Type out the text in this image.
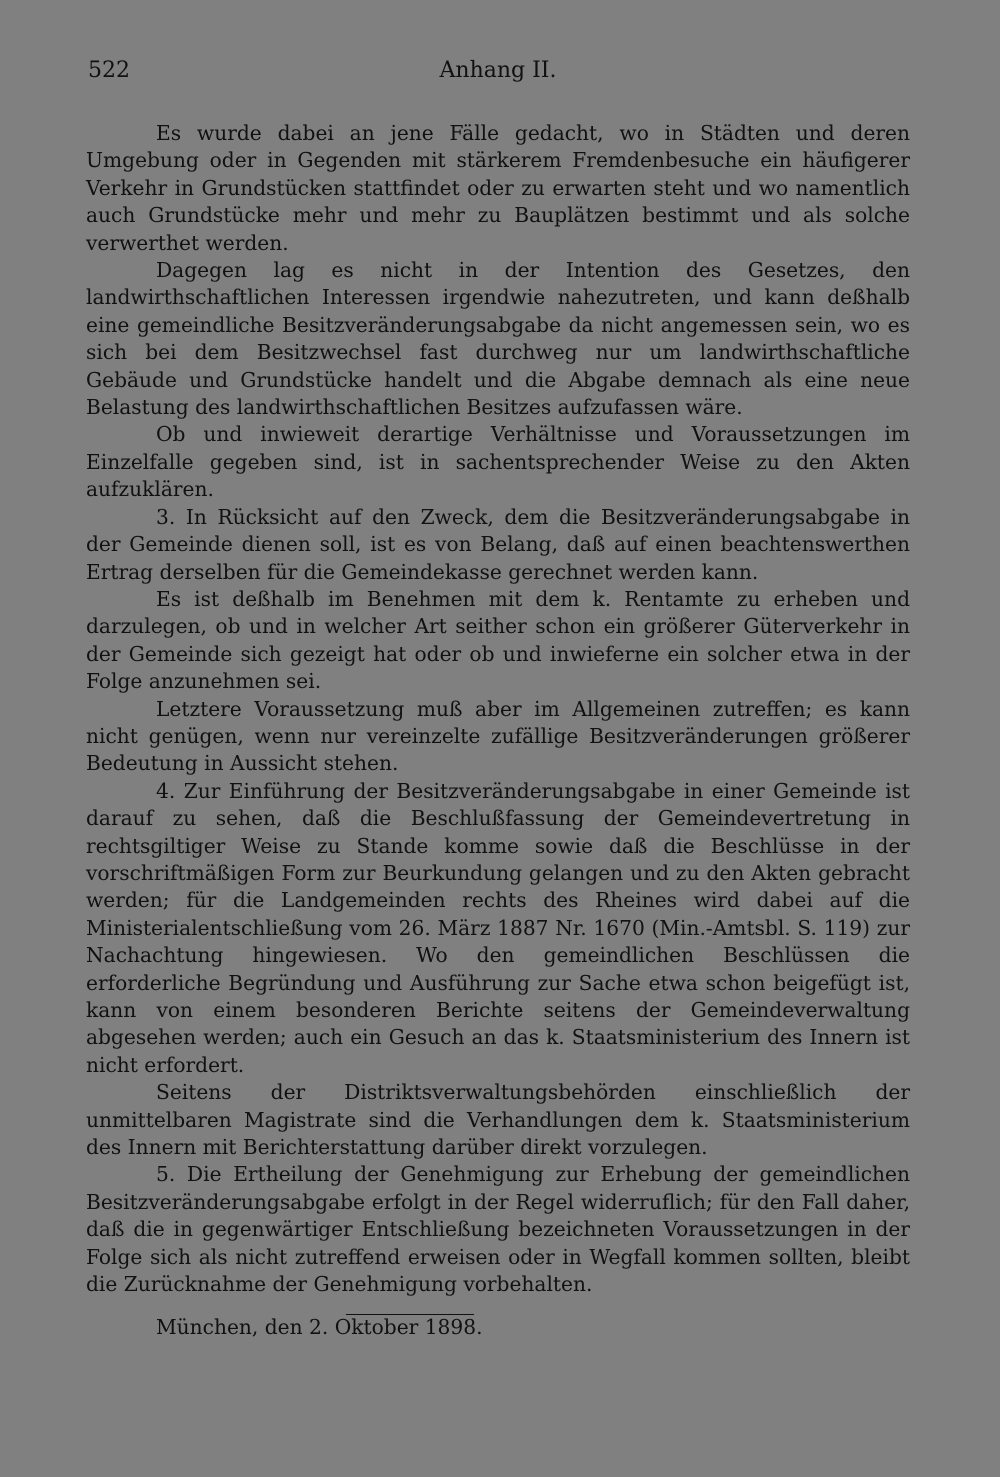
522	Anhang II.

Es wurde dabei an jene Fälle gedacht, wo in Städten und deren Umgebung oder in Gegenden mit stärkerem Fremdenbesuche ein häufigerer Verkehr in Grundstücken stattfindet oder zu erwarten steht und wo namentlich auch Grundstücke mehr und mehr zu Bauplätzen bestimmt und als solche verwerthet werden.

Dagegen lag es nicht in der Intention des Gesetzes, den landwirthschaftlichen Interessen irgendwie nahezutreten, und kann deßhalb eine gemeindliche Besitzveränderungsabgabe da nicht angemessen sein, wo es sich bei dem Besitzwechsel fast durchweg nur um landwirthschaftliche Gebäude und Grundstücke handelt und die Abgabe demnach als eine neue Belastung des landwirthschaftlichen Besitzes aufzufassen wäre.

Ob und inwieweit derartige Verhältnisse und Voraussetzungen im Einzelfalle gegeben sind, ist in sachentsprechender Weise zu den Akten aufzuklären.

3. In Rücksicht auf den Zweck, dem die Besitzveränderungsabgabe in der Gemeinde dienen soll, ist es von Belang, daß auf einen beachtenswerthen Ertrag derselben für die Gemeindekasse gerechnet werden kann.

Es ist deßhalb im Benehmen mit dem k. Rentamte zu erheben und darzulegen, ob und in welcher Art seither schon ein größerer Güterverkehr in der Gemeinde sich gezeigt hat oder ob und inwieferne ein solcher etwa in der Folge anzunehmen sei.

Letztere Voraussetzung muß aber im Allgemeinen zutreffen; es kann nicht genügen, wenn nur vereinzelte zufällige Besitzveränderungen größerer Bedeutung in Aussicht stehen.

4. Zur Einführung der Besitzveränderungsabgabe in einer Gemeinde ist darauf zu sehen, daß die Beschlußfassung der Gemeindevertretung in rechtsgiltiger Weise zu Stande komme sowie daß die Beschlüsse in der vorschriftmäßigen Form zur Beurkundung gelangen und zu den Akten gebracht werden; für die Landgemeinden rechts des Rheines wird dabei auf die Ministerialentschließung vom 26. März 1887 Nr. 1670 (Min.-Amtsbl. S. 119) zur Nachachtung hingewiesen. Wo den gemeindlichen Beschlüssen die erforderliche Begründung und Ausführung zur Sache etwa schon beigefügt ist, kann von einem besonderen Berichte seitens der Gemeindeverwaltung abgesehen werden; auch ein Gesuch an das k. Staatsministerium des Innern ist nicht erfordert.

Seitens der Distriktsverwaltungsbehörden einschließlich der unmittelbaren Magistrate sind die Verhandlungen dem k. Staatsministerium des Innern mit Berichterstattung darüber direkt vorzulegen.

5. Die Ertheilung der Genehmigung zur Erhebung der gemeindlichen Besitzveränderungsabgabe erfolgt in der Regel widerruflich; für den Fall daher, daß die in gegenwärtiger Entschließung bezeichneten Voraussetzungen in der Folge sich als nicht zutreffend erweisen oder in Wegfall kommen sollten, bleibt die Zurücknahme der Genehmigung vorbehalten.

München, den 2. Oktober 1898.
